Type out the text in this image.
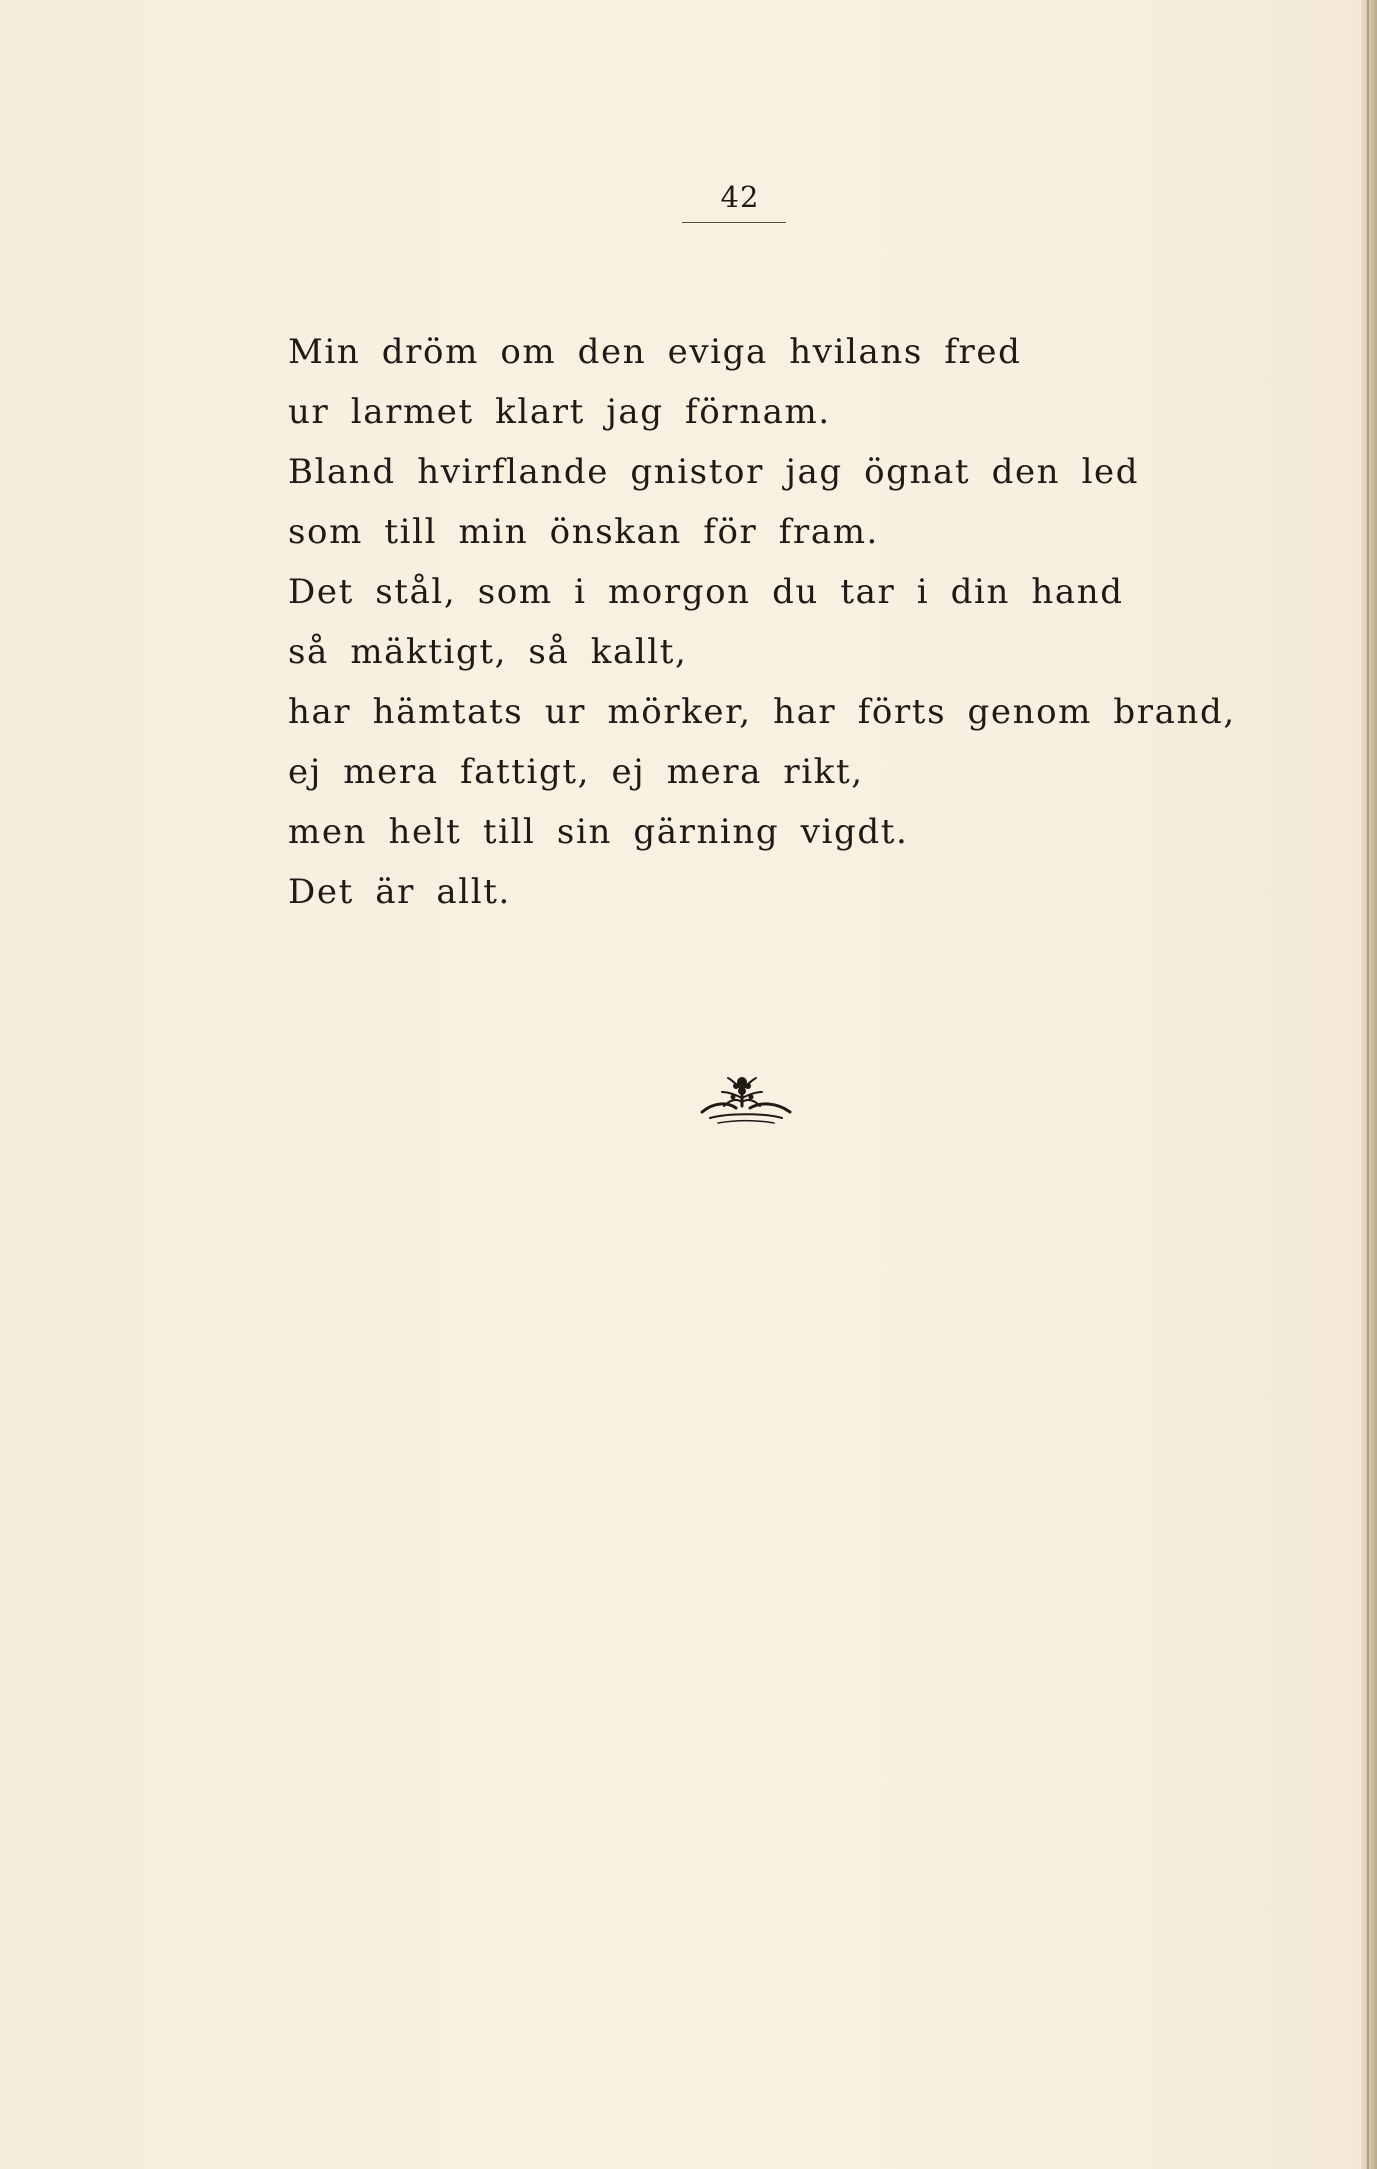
42
Min dröm om den eviga hvilans fred
ur larmet klart jag förnam.
Bland hvirflande gnistor jag ögnat den led
som till min önskan för fram.
Det stål, som i morgon du tar i din hand
så mäktigt, så kallt,
har hämtats ur mörker, har förts genom brand,
ej mera fattigt, ej mera rikt,
men helt till sin gärning vigdt.
Det är allt.
